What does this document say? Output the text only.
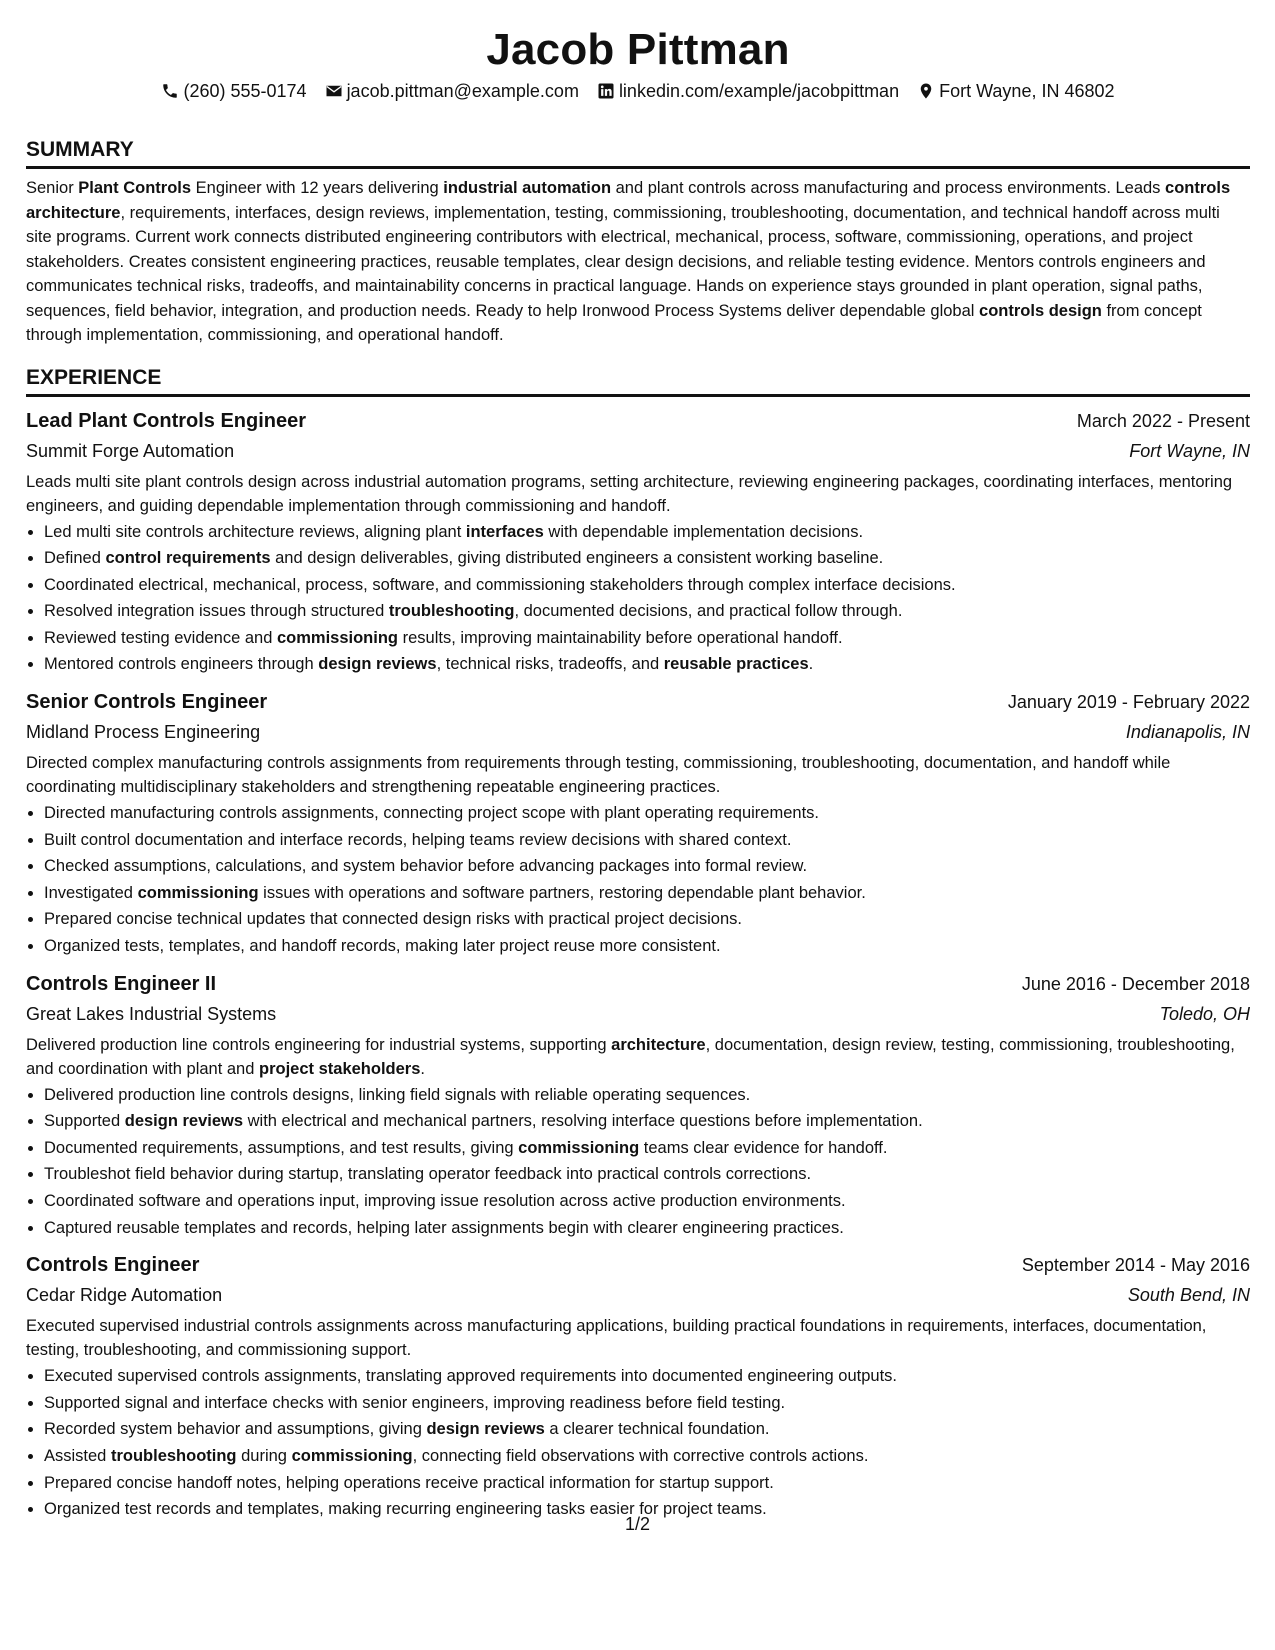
Jacob Pittman
(260) 555-0174 jacob.pittman@example.com linkedin.com/example/jacobpittman Fort Wayne, IN 46802
SUMMARY

Senior Plant Controls Engineer with 12 years delivering industrial automation and plant controls across manufacturing and process environments. Leads controls architecture, requirements, interfaces, design reviews, implementation, testing, commissioning, troubleshooting, documentation, and technical handoff across multi site programs. Current work connects distributed engineering contributors with electrical, mechanical, process, software, commissioning, operations, and project stakeholders. Creates consistent engineering practices, reusable templates, clear design decisions, and reliable testing evidence. Mentors controls engineers and communicates technical risks, tradeoffs, and maintainability concerns in practical language. Hands on experience stays grounded in plant operation, signal paths, sequences, field behavior, integration, and production needs. Ready to help Ironwood Process Systems deliver dependable global controls design from concept through implementation, commissioning, and operational handoff.

EXPERIENCE
Lead Plant Controls Engineer	March 2022 - Present
Summit Forge Automation	Fort Wayne, IN

Leads multi site plant controls design across industrial automation programs, setting architecture, reviewing engineering packages, coordinating interfaces, mentoring engineers, and guiding dependable implementation through commissioning and handoff.

• Led multi site controls architecture reviews, aligning plant interfaces with dependable implementation decisions.
• Defined control requirements and design deliverables, giving distributed engineers a consistent working baseline.
• Coordinated electrical, mechanical, process, software, and commissioning stakeholders through complex interface decisions.
• Resolved integration issues through structured troubleshooting, documented decisions, and practical follow through.
• Reviewed testing evidence and commissioning results, improving maintainability before operational handoff.
• Mentored controls engineers through design reviews, technical risks, tradeoffs, and reusable practices.
Senior Controls Engineer	January 2019 - February 2022
Midland Process Engineering	Indianapolis, IN

Directed complex manufacturing controls assignments from requirements through testing, commissioning, troubleshooting, documentation, and handoff while coordinating multidisciplinary stakeholders and strengthening repeatable engineering practices.

• Directed manufacturing controls assignments, connecting project scope with plant operating requirements.
• Built control documentation and interface records, helping teams review decisions with shared context.
• Checked assumptions, calculations, and system behavior before advancing packages into formal review.
• Investigated commissioning issues with operations and software partners, restoring dependable plant behavior.
• Prepared concise technical updates that connected design risks with practical project decisions.
• Organized tests, templates, and handoff records, making later project reuse more consistent.
Controls Engineer II	June 2016 - December 2018
Great Lakes Industrial Systems	Toledo, OH

Delivered production line controls engineering for industrial systems, supporting architecture, documentation, design review, testing, commissioning, troubleshooting, and coordination with plant and project stakeholders.

• Delivered production line controls designs, linking field signals with reliable operating sequences.
• Supported design reviews with electrical and mechanical partners, resolving interface questions before implementation.
• Documented requirements, assumptions, and test results, giving commissioning teams clear evidence for handoff.
• Troubleshot field behavior during startup, translating operator feedback into practical controls corrections.
• Coordinated software and operations input, improving issue resolution across active production environments.
• Captured reusable templates and records, helping later assignments begin with clearer engineering practices.
Controls Engineer	September 2014 - May 2016
Cedar Ridge Automation	South Bend, IN

Executed supervised industrial controls assignments across manufacturing applications, building practical foundations in requirements, interfaces, documentation, testing, troubleshooting, and commissioning support.

• Executed supervised controls assignments, translating approved requirements into documented engineering outputs.
• Supported signal and interface checks with senior engineers, improving readiness before field testing.
• Recorded system behavior and assumptions, giving design reviews a clearer technical foundation.
• Assisted troubleshooting during commissioning, connecting field observations with corrective controls actions.
• Prepared concise handoff notes, helping operations receive practical information for startup support.
• Organized test records and templates, making recurring engineering tasks easier for project teams.
1/2
